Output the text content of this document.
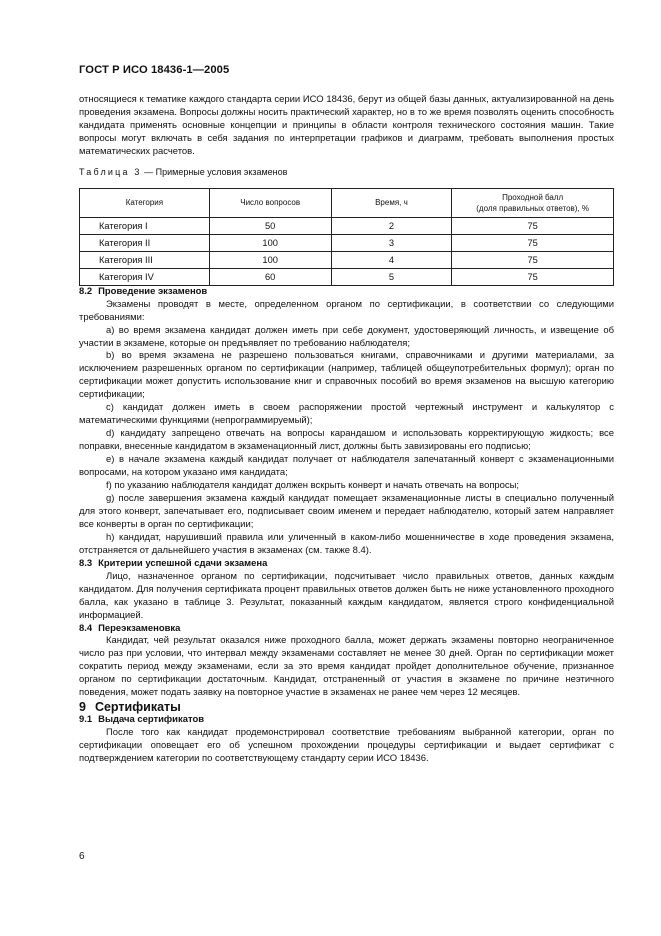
ГОСТ Р ИСО 18436-1—2005

относящиеся к тематике каждого стандарта серии ИСО 18436, берут из общей базы данных, актуализированной на день проведения экзамена. Вопросы должны носить практический характер, но в то же время позволять оценить способность кандидата применять основные концепции и принципы в области контроля технического состояния машин. Такие вопросы могут включать в себя задания по интерпретации графиков и диаграмм, требовать выполнения простых математических расчетов.

Таблица 3 — Примерные условия экзаменов
Категория	Число вопросов	Время, ч	Проходной балл
(доля правильных ответов), %
Категория I	50	2	75
Категория II	100	3	75
Категория III	100	4	75
Категория IV	60	5	75

8.2 Проведение экзаменов

Экзамены проводят в месте, определенном органом по сертификации, в соответствии со следующими требованиями:

a) во время экзамена кандидат должен иметь при себе документ, удостоверяющий личность, и извещение об участии в экзамене, которые он предъявляет по требованию наблюдателя;

b) во время экзамена не разрешено пользоваться книгами, справочниками и другими материалами, за исключением разрешенных органом по сертификации (например, таблицей общеупотребительных формул); орган по сертификации может допустить использование книг и справочных пособий во время экзаменов на высшую категорию сертификации;

c) кандидат должен иметь в своем распоряжении простой чертежный инструмент и калькулятор с математическими функциями (непрограммируемый);

d) кандидату запрещено отвечать на вопросы карандашом и использовать корректирующую жидкость; все поправки, внесенные кандидатом в экзаменационный лист, должны быть завизированы его подписью;

e) в начале экзамена каждый кандидат получает от наблюдателя запечатанный конверт с экзаменационными вопросами, на котором указано имя кандидата;

f) по указанию наблюдателя кандидат должен вскрыть конверт и начать отвечать на вопросы;

g) после завершения экзамена каждый кандидат помещает экзаменационные листы в специально полученный для этого конверт, запечатывает его, подписывает своим именем и передает наблюдателю, который затем направляет все конверты в орган по сертификации;

h) кандидат, нарушивший правила или уличенный в каком-либо мошенничестве в ходе проведения экзамена, отстраняется от дальнейшего участия в экзаменах (см. также 8.4).

8.3 Критерии успешной сдачи экзамена

Лицо, назначенное органом по сертификации, подсчитывает число правильных ответов, данных каждым кандидатом. Для получения сертификата процент правильных ответов должен быть не ниже установленного проходного балла, как указано в таблице 3. Результат, показанный каждым кандидатом, является строго конфиденциальной информацией.

8.4 Переэкзаменовка

Кандидат, чей результат оказался ниже проходного балла, может держать экзамены повторно неограниченное число раз при условии, что интервал между экзаменами составляет не менее 30 дней. Орган по сертификации может сократить период между экзаменами, если за это время кандидат пройдет дополнительное обучение, признанное органом по сертификации достаточным. Кандидат, отстраненный от участия в экзамене по причине неэтичного поведения, может подать заявку на повторное участие в экзаменах не ранее чем через 12 месяцев.

9 Сертификаты

9.1 Выдача сертификатов

После того как кандидат продемонстрировал соответствие требованиям выбранной категории, орган по сертификации оповещает его об успешном прохождении процедуры сертификации и выдает сертификат с подтверждением категории по соответствующему стандарту серии ИСО 18436.

6
